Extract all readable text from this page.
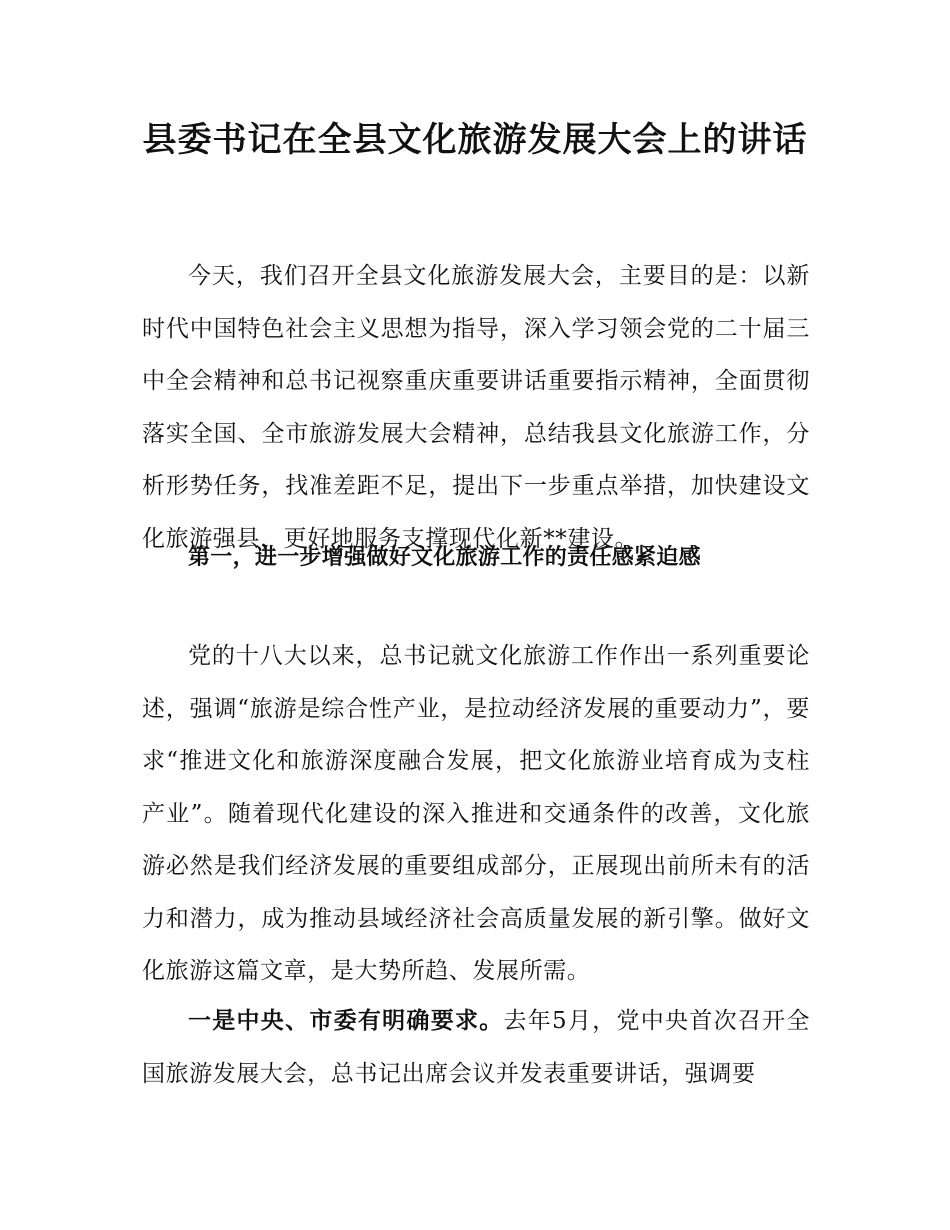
县委书记在全县文化旅游发展大会上的讲话

今天，我们召开全县文化旅游发展大会，主要目的是：以新时代中国特色社会主义思想为指导，深入学习领会党的二十届三中全会精神和总书记视察重庆重要讲话重要指示精神，全面贯彻落实全国、全市旅游发展大会精神，总结我县文化旅游工作，分析形势任务，找准差距不足，提出下一步重点举措，加快建设文化旅游强县，更好地服务支撑现代化新**建设。

第一，进一步增强做好文化旅游工作的责任感紧迫感

党的十八大以来，总书记就文化旅游工作作出一系列重要论述，强调“旅游是综合性产业，是拉动经济发展的重要动力”，要求“推进文化和旅游深度融合发展，把文化旅游业培育成为支柱产业”。随着现代化建设的深入推进和交通条件的改善，文化旅游必然是我们经济发展的重要组成部分，正展现出前所未有的活力和潜力，成为推动县域经济社会高质量发展的新引擎。做好文化旅游这篇文章，是大势所趋、发展所需。

一是中央、市委有明确要求。去年5月，党中央首次召开全国旅游发展大会，总书记出席会议并发表重要讲话，强调要
